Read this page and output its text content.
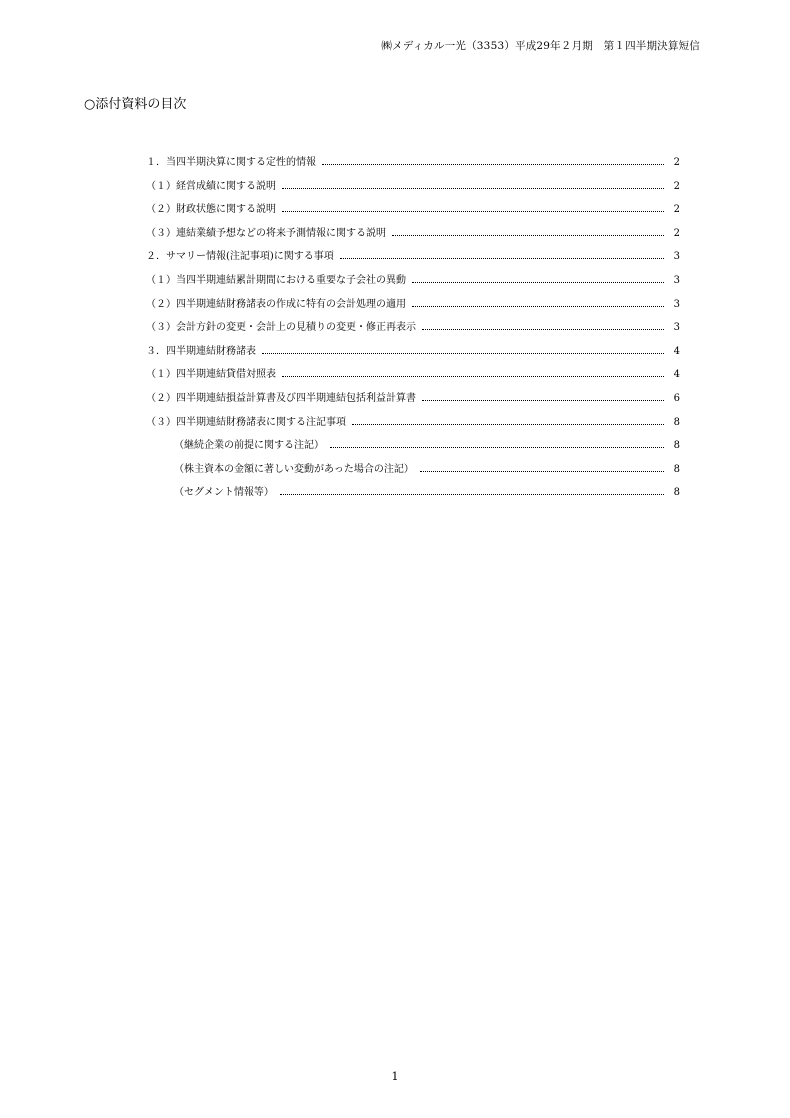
㈱メディカル一光（3353）平成29年２月期　第１四半期決算短信
○添付資料の目次
１．当四半期決算に関する定性的情報	2
（１）経営成績に関する説明	2
（２）財政状態に関する説明	2
（３）連結業績予想などの将来予測情報に関する説明	2
２．サマリー情報(注記事項)に関する事項	3
（１）当四半期連結累計期間における重要な子会社の異動	3
（２）四半期連結財務諸表の作成に特有の会計処理の適用	3
（３）会計方針の変更・会計上の見積りの変更・修正再表示	3
３．四半期連結財務諸表	4
（１）四半期連結貸借対照表	4
（２）四半期連結損益計算書及び四半期連結包括利益計算書	6
（３）四半期連結財務諸表に関する注記事項	8
（継続企業の前提に関する注記）	8
（株主資本の金額に著しい変動があった場合の注記）	8
（セグメント情報等）	8
1
